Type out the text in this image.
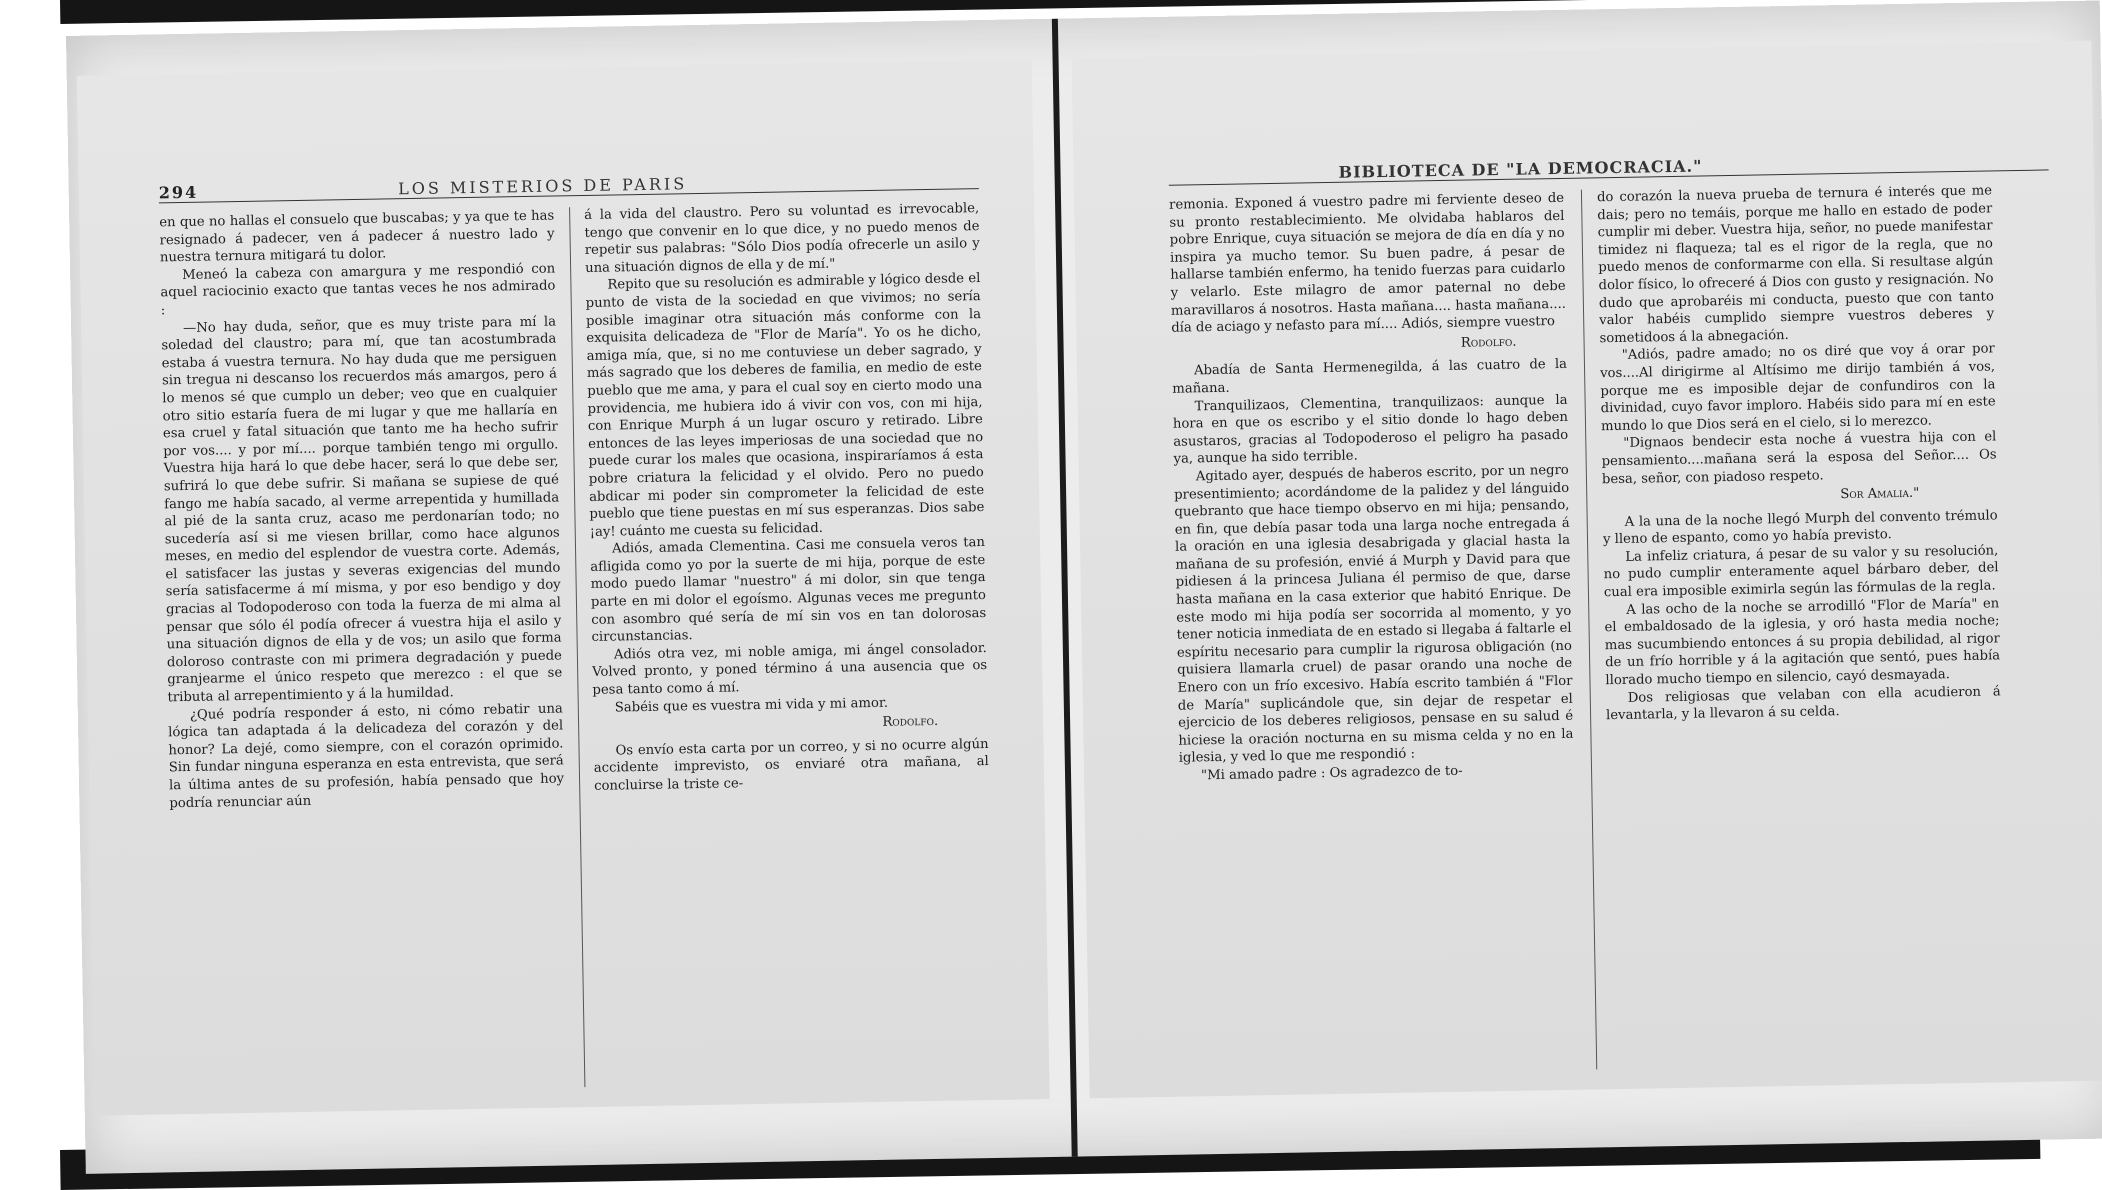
294	LOS MISTERIOS DE PARIS

en que no hallas el consuelo que buscabas; y ya que te has resignado á padecer, ven á padecer á nuestro lado y nuestra ternura mitigará tu dolor.

Meneó la cabeza con amargura y me respondió con aquel raciocinio exacto que tantas veces he nos admirado :

—No hay duda, señor, que es muy triste para mí la soledad del claustro; para mí, que tan acostumbrada estaba á vuestra ternura. No hay duda que me persiguen sin tregua ni descanso los recuerdos más amargos, pero á lo menos sé que cumplo un deber; veo que en cualquier otro sitio estaría fuera de mi lugar y que me hallaría en esa cruel y fatal situación que tanto me ha hecho sufrir por vos.... y por mí.... porque también tengo mi orgullo. Vuestra hija hará lo que debe hacer, será lo que debe ser, sufrirá lo que debe sufrir. Si mañana se supiese de qué fango me había sacado, al verme arrepentida y humillada al pié de la santa cruz, acaso me perdonarían todo; no sucedería así si me viesen brillar, como hace algunos meses, en medio del esplendor de vuestra corte. Además, el satisfacer las justas y severas exigencias del mundo sería satisfacerme á mí misma, y por eso bendigo y doy gracias al Todopoderoso con toda la fuerza de mi alma al pensar que sólo él podía ofrecer á vuestra hija el asilo y una situación dignos de ella y de vos; un asilo que forma doloroso contraste con mi primera degradación y puede granjearme el único respeto que merezco : el que se tributa al arrepentimiento y á la humildad.

¿Qué podría responder á esto, ni cómo rebatir una lógica tan adaptada á la delicadeza del corazón y del honor? La dejé, como siempre, con el corazón oprimido. Sin fundar ninguna esperanza en esta entrevista, que será la última antes de su profesión, había pensado que hoy podría renunciar aún

á la vida del claustro. Pero su voluntad es irrevocable, tengo que convenir en lo que dice, y no puedo menos de repetir sus palabras: "Sólo Dios podía ofrecerle un asilo y una situación dignos de ella y de mí."

Repito que su resolución es admirable y lógico desde el punto de vista de la sociedad en que vivimos; no sería posible imaginar otra situación más conforme con la exquisita delicadeza de "Flor de María". Yo os he dicho, amiga mía, que, si no me contuviese un deber sagrado, y más sagrado que los deberes de familia, en medio de este pueblo que me ama, y para el cual soy en cierto modo una providencia, me hubiera ido á vivir con vos, con mi hija, con Enrique Murph á un lugar oscuro y retirado. Libre entonces de las leyes imperiosas de una sociedad que no puede curar los males que ocasiona, inspiraríamos á esta pobre criatura la felicidad y el olvido. Pero no puedo abdicar mi poder sin comprometer la felicidad de este pueblo que tiene puestas en mí sus esperanzas. Dios sabe ¡ay! cuánto me cuesta su felicidad.

Adiós, amada Clementina. Casi me consuela veros tan afligida como yo por la suerte de mi hija, porque de este modo puedo llamar "nuestro" á mi dolor, sin que tenga parte en mi dolor el egoísmo. Algunas veces me pregunto con asombro qué sería de mí sin vos en tan dolorosas circunstancias.

Adiós otra vez, mi noble amiga, mi ángel consolador. Volved pronto, y poned término á una ausencia que os pesa tanto como á mí.

Sabéis que es vuestra mi vida y mi amor.

Rodolfo.

Os envío esta carta por un correo, y si no ocurre algún accidente imprevisto, os enviaré otra mañana, al concluirse la triste ce-

BIBLIOTECA DE "LA DEMOCRACIA."

remonia. Exponed á vuestro padre mi ferviente deseo de su pronto restablecimiento. Me olvidaba hablaros del pobre Enrique, cuya situación se mejora de día en día y no inspira ya mucho temor. Su buen padre, á pesar de hallarse también enfermo, ha tenido fuerzas para cuidarlo y velarlo. Este milagro de amor paternal no debe maravillaros á nosotros. Hasta mañana.... hasta mañana.... día de aciago y nefasto para mí.... Adiós, siempre vuestro

Rodolfo.

Abadía de Santa Hermenegilda, á las cuatro de la mañana.

Tranquilizaos, Clementina, tranquilizaos: aunque la hora en que os escribo y el sitio donde lo hago deben asustaros, gracias al Todopoderoso el peligro ha pasado ya, aunque ha sido terrible.

Agitado ayer, después de haberos escrito, por un negro presentimiento; acordándome de la palidez y del lánguido quebranto que hace tiempo observo en mi hija; pensando, en fin, que debía pasar toda una larga noche entregada á la oración en una iglesia desabrigada y glacial hasta la mañana de su profesión, envié á Murph y David para que pidiesen á la princesa Juliana él permiso de que, darse hasta mañana en la casa exterior que habitó Enrique. De este modo mi hija podía ser socorrida al momento, y yo tener noticia inmediata de en estado si llegaba á faltarle el espíritu necesario para cumplir la rigurosa obligación (no quisiera llamarla cruel) de pasar orando una noche de Enero con un frío excesivo. Había escrito también á "Flor de María" suplicándole que, sin dejar de respetar el ejercicio de los deberes religiosos, pensase en su salud é hiciese la oración nocturna en su misma celda y no en la iglesia, y ved lo que me respondió :

"Mi amado padre : Os agradezco de to-

do corazón la nueva prueba de ternura é interés que me dais; pero no temáis, porque me hallo en estado de poder cumplir mi deber. Vuestra hija, señor, no puede manifestar timidez ni flaqueza; tal es el rigor de la regla, que no puedo menos de conformarme con ella. Si resultase algún dolor físico, lo ofreceré á Dios con gusto y resignación. No dudo que aprobaréis mi conducta, puesto que con tanto valor habéis cumplido siempre vuestros deberes y sometidoos á la abnegación.

"Adiós, padre amado; no os diré que voy á orar por vos....Al dirigirme al Altísimo me dirijo también á vos, porque me es imposible dejar de confundiros con la divinidad, cuyo favor imploro. Habéis sido para mí en este mundo lo que Dios será en el cielo, si lo merezco.

"Dignaos bendecir esta noche á vuestra hija con el pensamiento....mañana será la esposa del Señor.... Os besa, señor, con piadoso respeto.

Sor Amalia."

A la una de la noche llegó Murph del convento trémulo y lleno de espanto, como yo había previsto.

La infeliz criatura, á pesar de su valor y su resolución, no pudo cumplir enteramente aquel bárbaro deber, del cual era imposible eximirla según las fórmulas de la regla.

A las ocho de la noche se arrodilló "Flor de María" en el embaldosado de la iglesia, y oró hasta media noche; mas sucumbiendo entonces á su propia debilidad, al rigor de un frío horrible y á la agitación que sentó, pues había llorado mucho tiempo en silencio, cayó desmayada.

Dos religiosas que velaban con ella acudieron á levantarla, y la llevaron á su celda.
